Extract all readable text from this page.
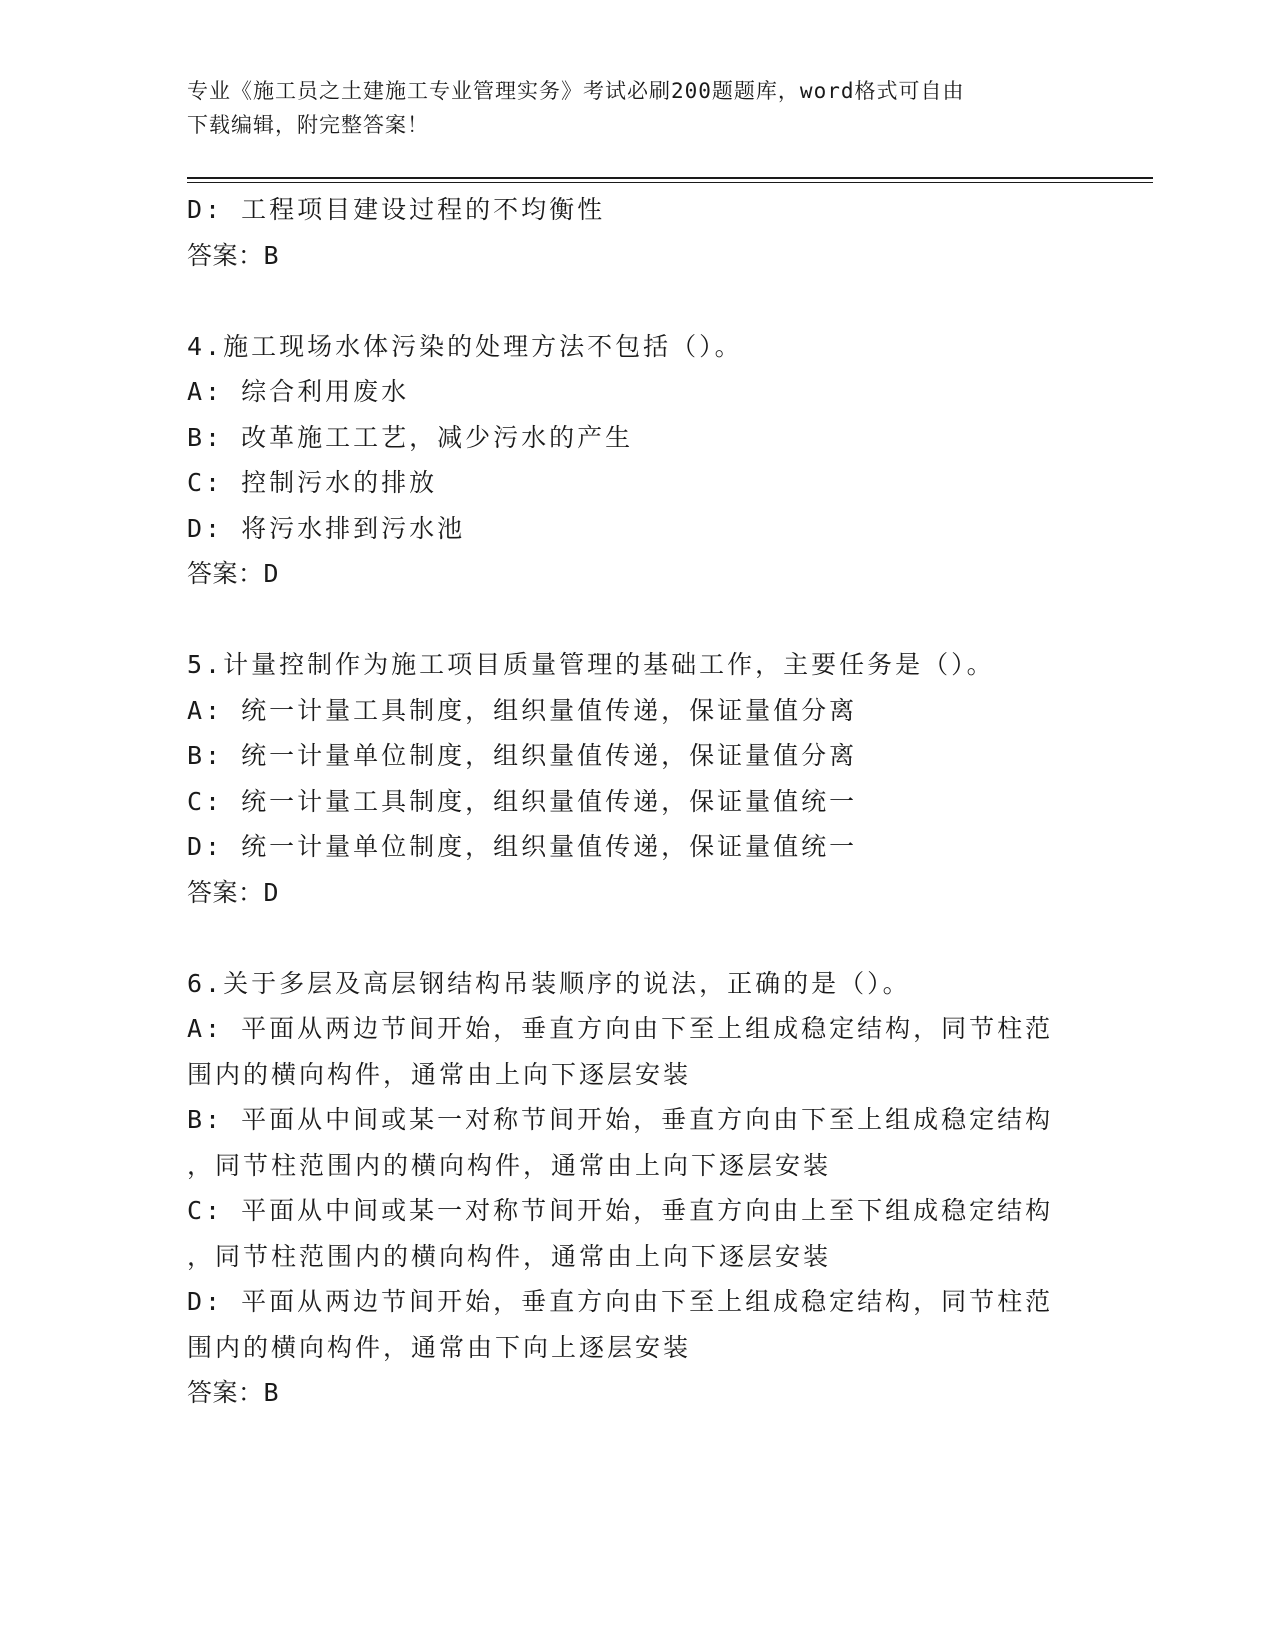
专业《施工员之土建施工专业管理实务》考试必刷200题题库，word格式可自由
下载编辑，附完整答案！
D: 工程项目建设过程的不均衡性
答案：B
4.施工现场水体污染的处理方法不包括（）。
A: 综合利用废水
B: 改革施工工艺，减少污水的产生
C: 控制污水的排放
D: 将污水排到污水池
答案：D
5.计量控制作为施工项目质量管理的基础工作，主要任务是（）。
A: 统一计量工具制度，组织量值传递，保证量值分离
B: 统一计量单位制度，组织量值传递，保证量值分离
C: 统一计量工具制度，组织量值传递，保证量值统一
D: 统一计量单位制度，组织量值传递，保证量值统一
答案：D
6.关于多层及高层钢结构吊装顺序的说法，正确的是（）。
A: 平面从两边节间开始，垂直方向由下至上组成稳定结构，同节柱范
围内的横向构件，通常由上向下逐层安装
B: 平面从中间或某一对称节间开始，垂直方向由下至上组成稳定结构
，同节柱范围内的横向构件，通常由上向下逐层安装
C: 平面从中间或某一对称节间开始，垂直方向由上至下组成稳定结构
，同节柱范围内的横向构件，通常由上向下逐层安装
D: 平面从两边节间开始，垂直方向由下至上组成稳定结构，同节柱范
围内的横向构件，通常由下向上逐层安装
答案：B
